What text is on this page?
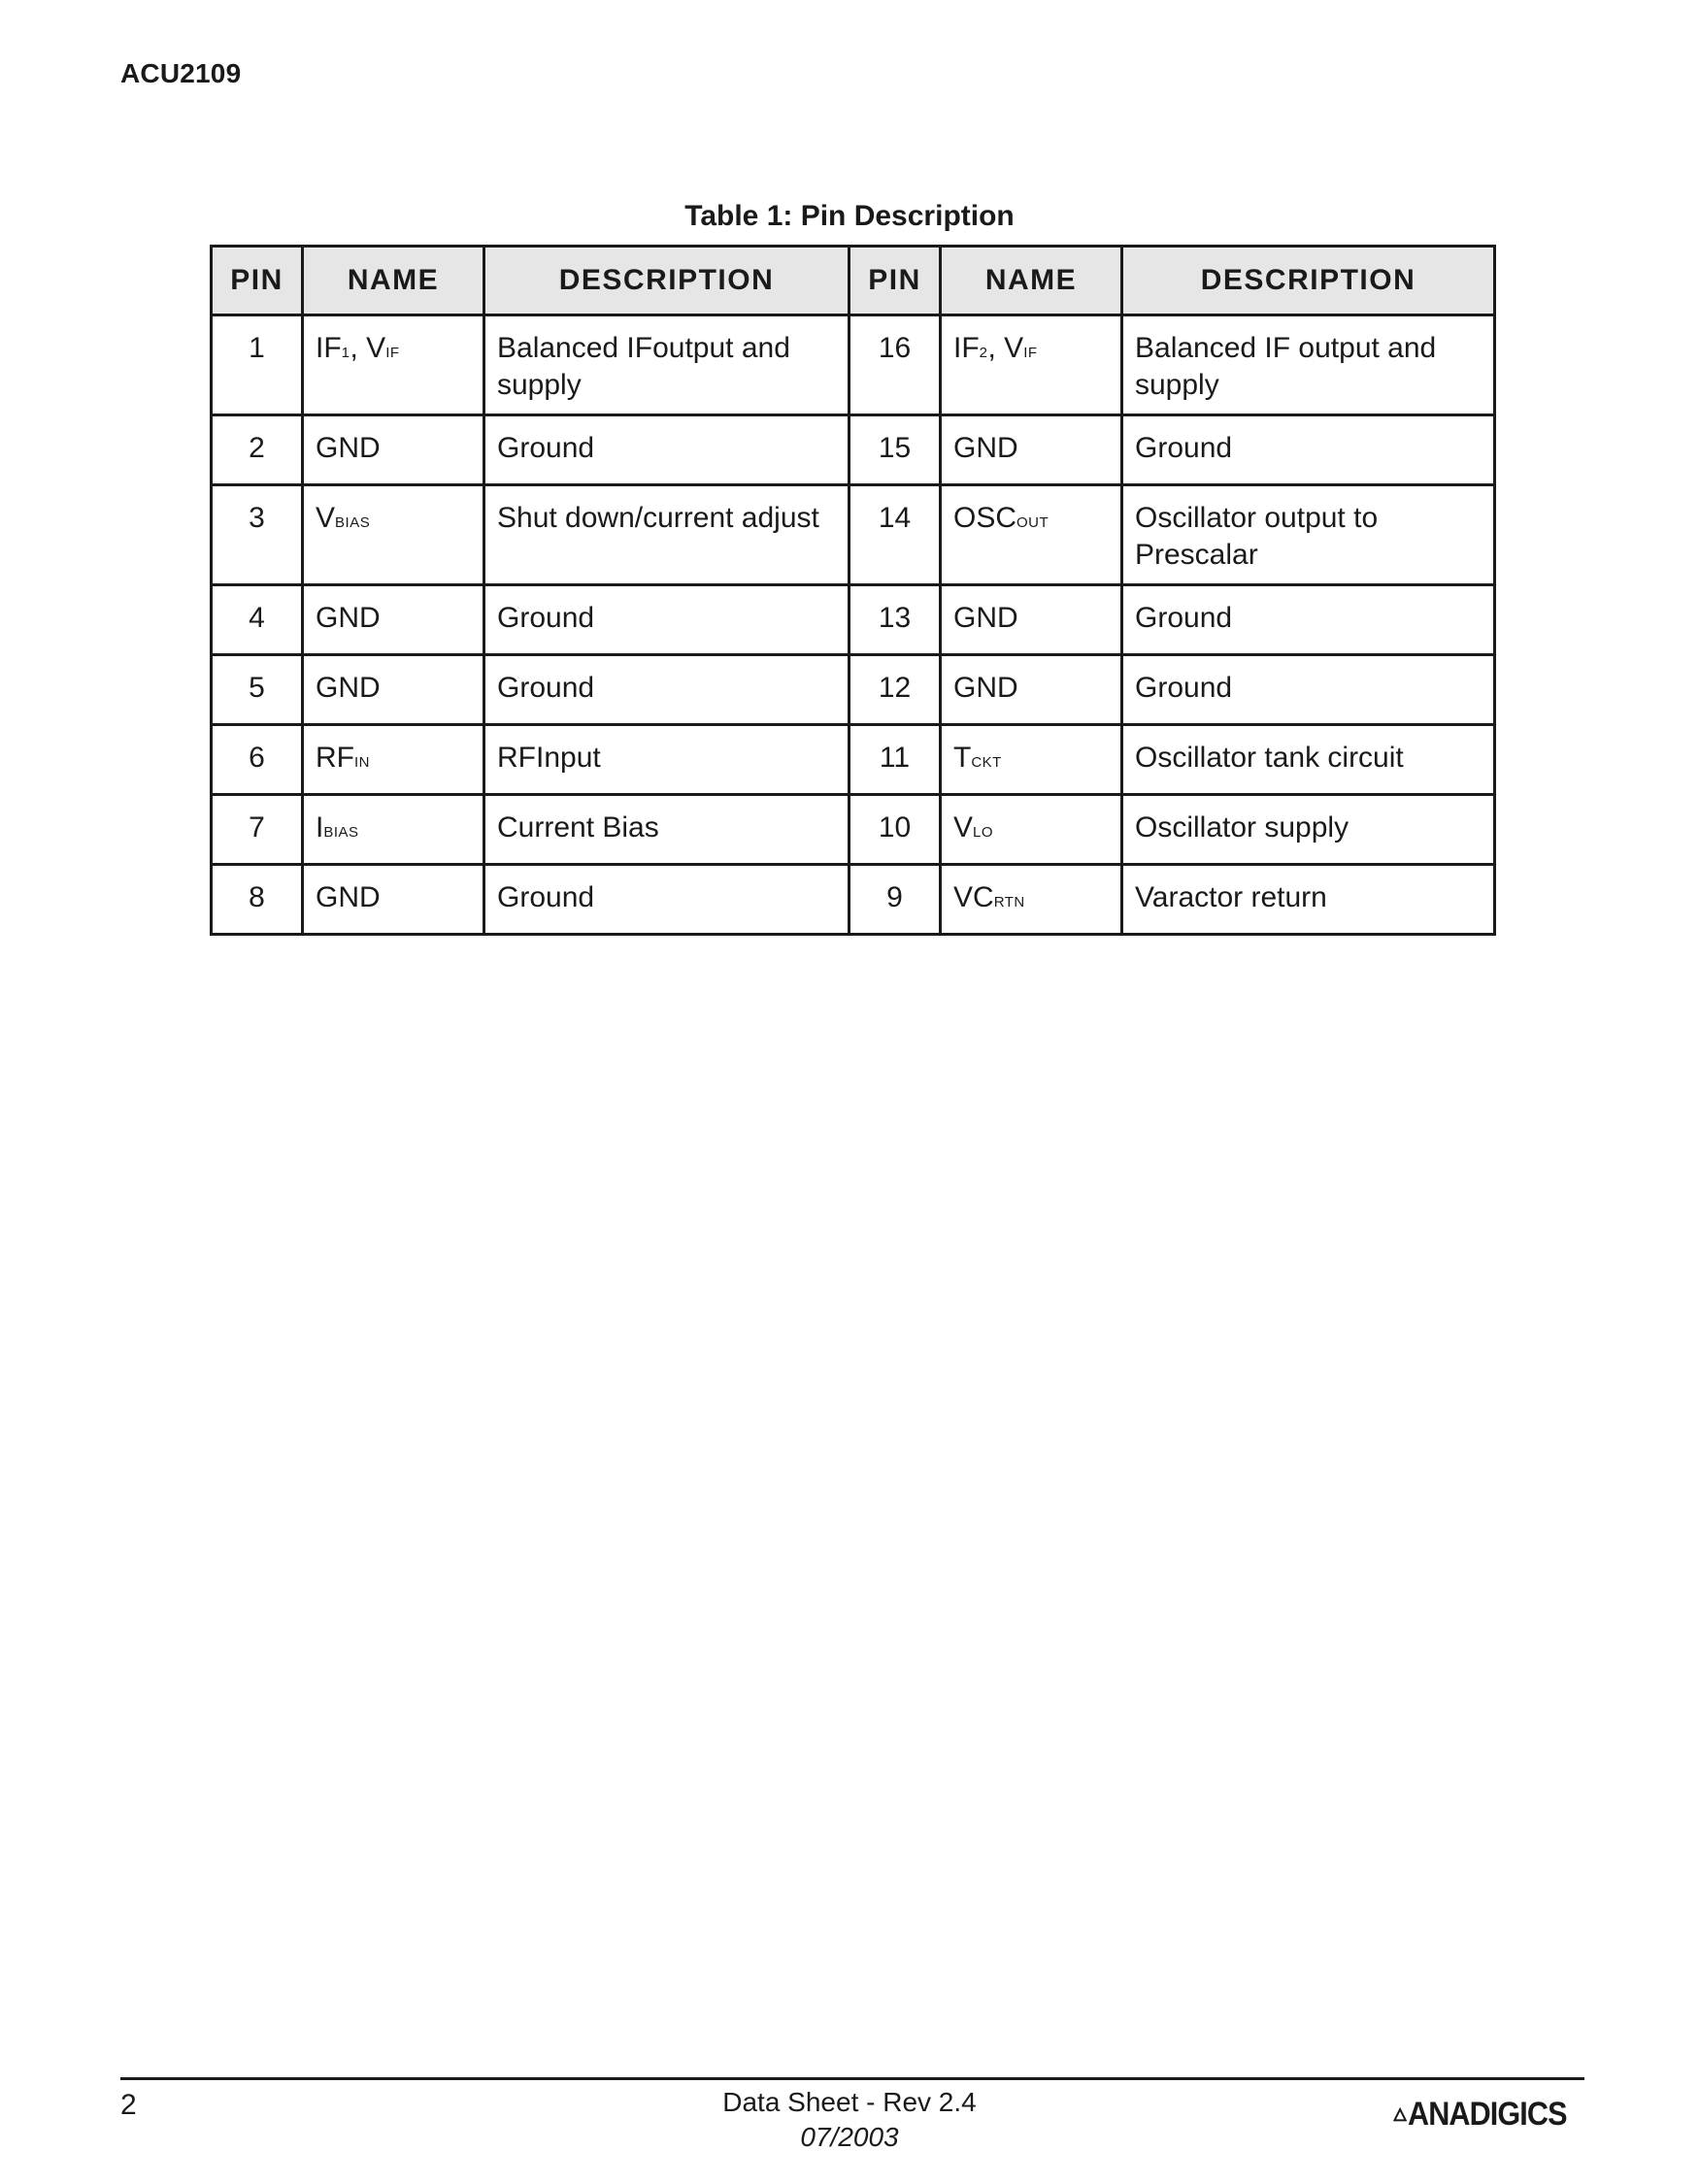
ACU2109
Table 1: Pin Description
PIN	NAME	DESCRIPTION	PIN	NAME	DESCRIPTION
1	IF1, VIF	Balanced IFoutput and supply	16	IF2, VIF	Balanced IF output and supply
2	GND	Ground	15	GND	Ground
3	VBIAS	Shut down/current adjust	14	OSCOUT	Oscillator output to Prescalar
4	GND	Ground	13	GND	Ground
5	GND	Ground	12	GND	Ground
6	RFIN	RFInput	11	TCKT	Oscillator tank circuit
7	IBIAS	Current Bias	10	VLO	Oscillator supply
8	GND	Ground	9	VCRTN	Varactor return
2	Data Sheet - Rev 2.4
07/2003
ANADIGICS
